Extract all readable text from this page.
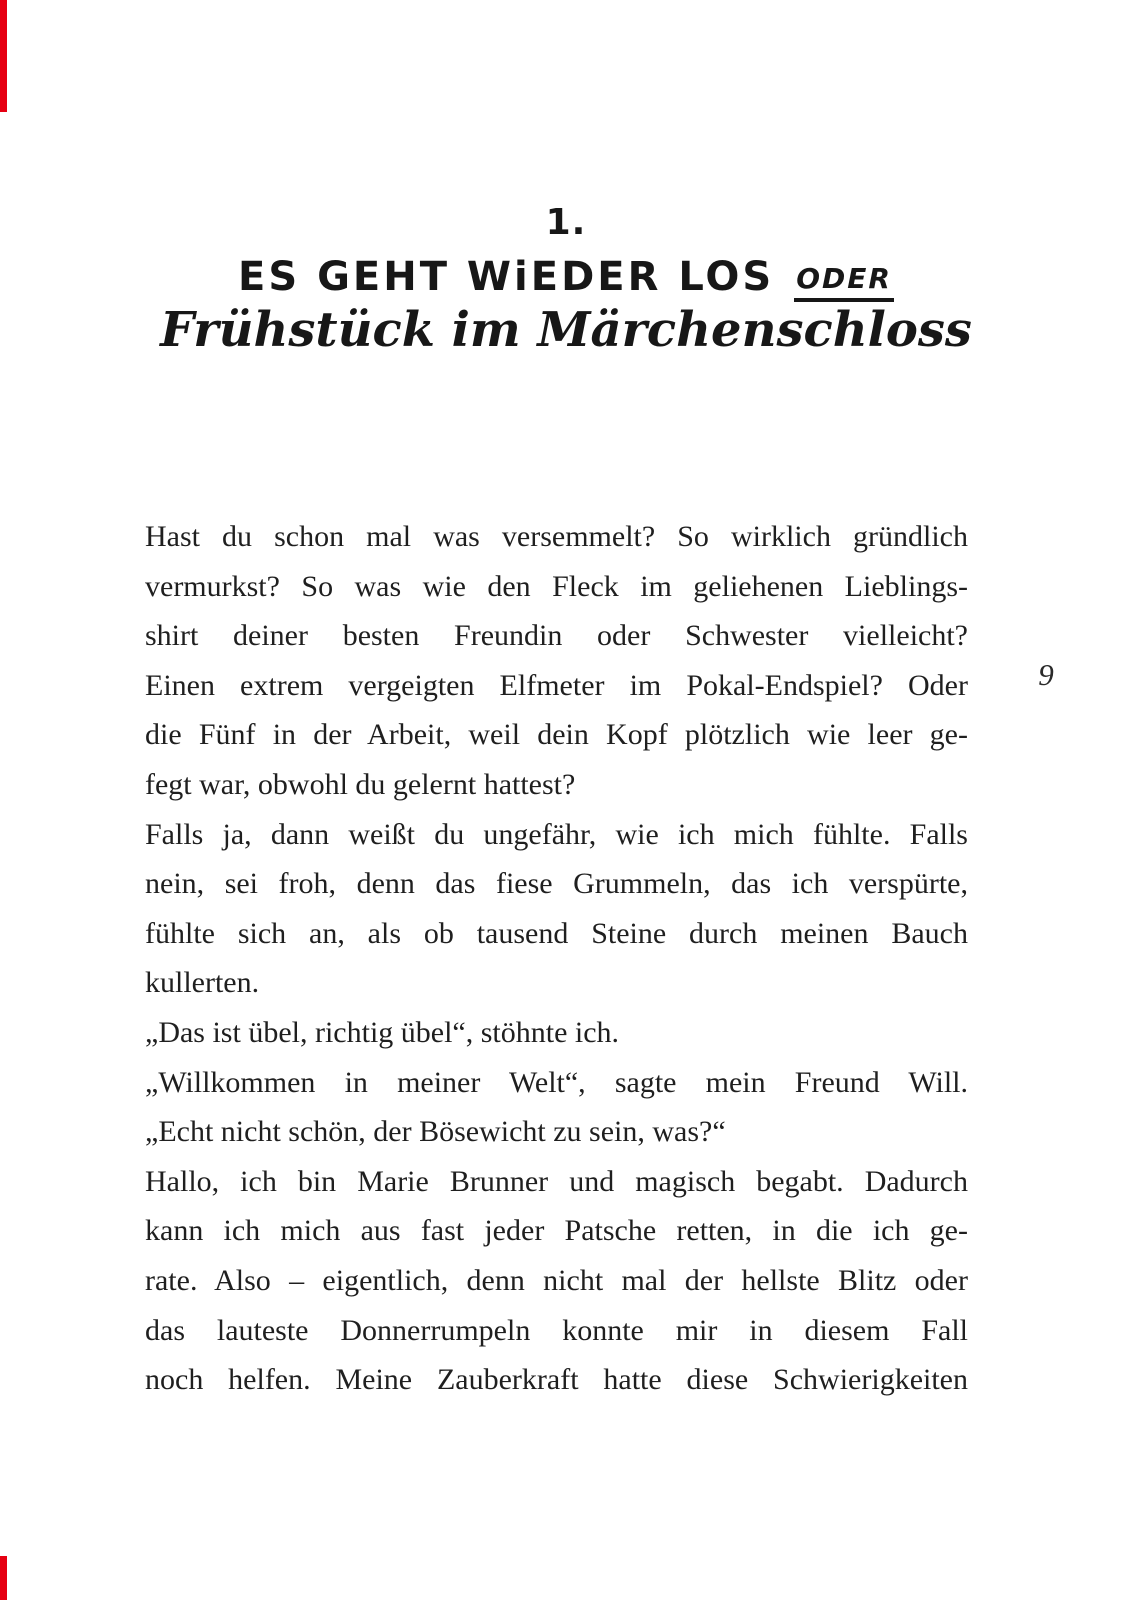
1.
ES GEHT WiEDER LOS ODER
Frühstück im Märchenschloss
Hast du schon mal was versemmelt? So wirklich gründlich
vermurkst? So was wie den Fleck im geliehenen Lieblings-
shirt deiner besten Freundin oder Schwester vielleicht?
Einen extrem vergeigten Elfmeter im Pokal-Endspiel? Oder
die Fünf in der Arbeit, weil dein Kopf plötzlich wie leer ge-
fegt war, obwohl du gelernt hattest?
Falls ja, dann weißt du ungefähr, wie ich mich fühlte. Falls
nein, sei froh, denn das fiese Grummeln, das ich verspürte,
fühlte sich an, als ob tausend Steine durch meinen Bauch
kullerten.
„Das ist übel, richtig übel“, stöhnte ich.
„Willkommen in meiner Welt“, sagte mein Freund Will.
„Echt nicht schön, der Bösewicht zu sein, was?“
Hallo, ich bin Marie Brunner und magisch begabt. Dadurch
kann ich mich aus fast jeder Patsche retten, in die ich ge-
rate. Also – eigentlich, denn nicht mal der hellste Blitz oder
das lauteste Donnerrumpeln konnte mir in diesem Fall
noch helfen. Meine Zauberkraft hatte diese Schwierigkeiten
9
